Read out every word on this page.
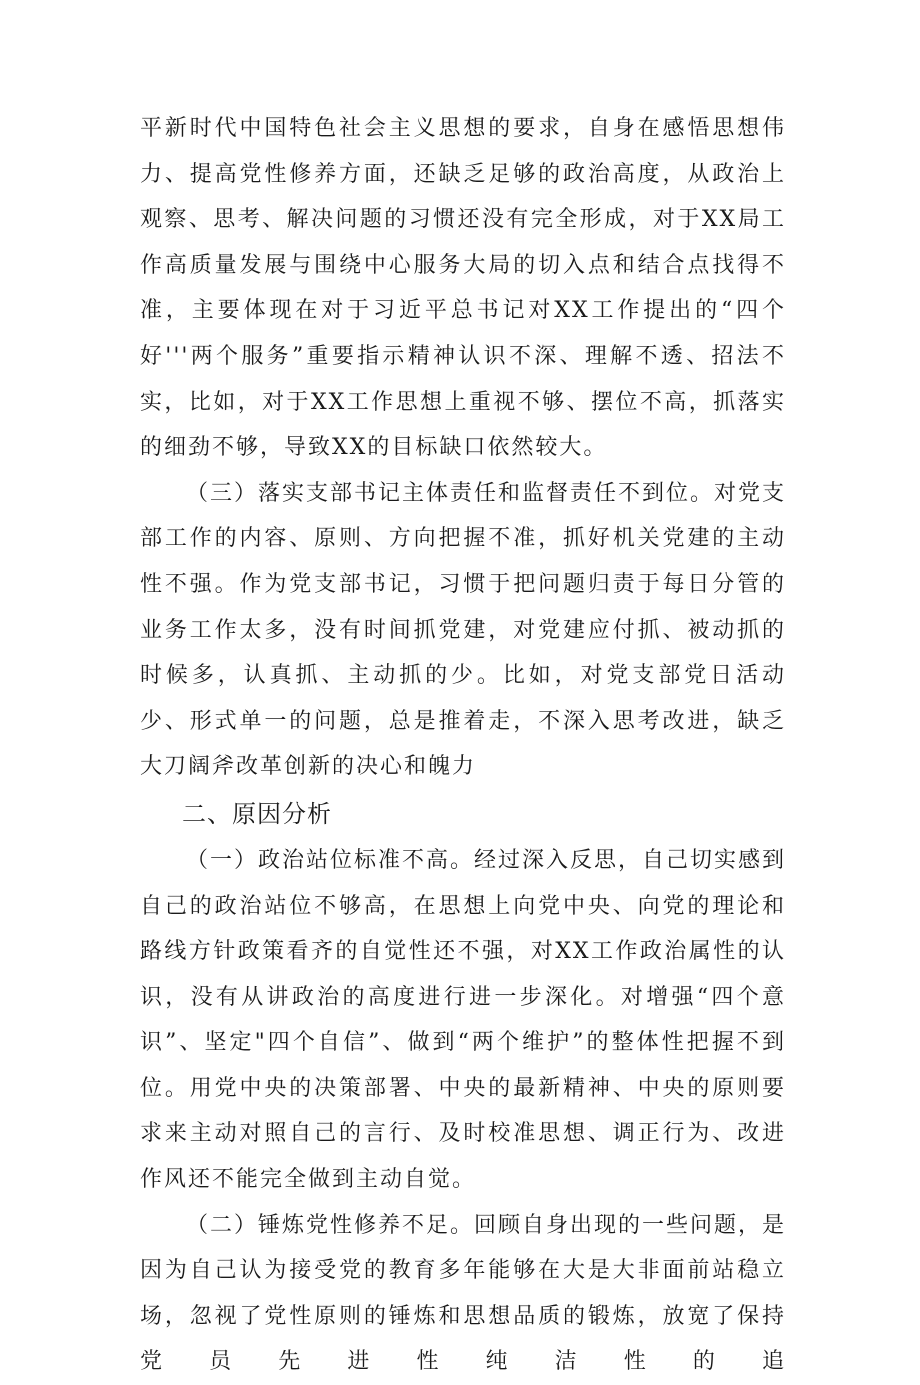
平新时代中国特色社会主义思想的要求，自身在感悟思想伟力、提高党性修养方面，还缺乏足够的政治高度，从政治上观察、思考、解决问题的习惯还没有完全形成，对于XX局工作高质量发展与围绕中心服务大局的切入点和结合点找得不准，主要体现在对于习近平总书记对XX工作提出的“四个好'''两个服务”重要指示精神认识不深、理解不透、招法不实，比如，对于XX工作思想上重视不够、摆位不高，抓落实的细劲不够，导致XX的目标缺口依然较大。

（三）落实支部书记主体责任和监督责任不到位。对党支部工作的内容、原则、方向把握不准，抓好机关党建的主动性不强。作为党支部书记，习惯于把问题归责于每日分管的业务工作太多，没有时间抓党建，对党建应付抓、被动抓的时候多，认真抓、主动抓的少。比如，对党支部党日活动少、形式单一的问题，总是推着走，不深入思考改进，缺乏大刀阔斧改革创新的决心和魄力

二、原因分析

（一）政治站位标准不高。经过深入反思，自己切实感到自己的政治站位不够高，在思想上向党中央、向党的理论和路线方针政策看齐的自觉性还不强，对XX工作政治属性的认识，没有从讲政治的高度进行进一步深化。对增强“四个意识”、坚定"四个自信”、做到“两个维护”的整体性把握不到位。用党中央的决策部署、中央的最新精神、中央的原则要求来主动对照自己的言行、及时校准思想、调正行为、改进作风还不能完全做到主动自觉。

（二）锤炼党性修养不足。回顾自身出现的一些问题，是因为自己认为接受党的教育多年能够在大是大非面前站稳立场，忽视了党性原则的锤炼和思想品质的锻炼，放宽了保持党员先进性纯洁性的追
